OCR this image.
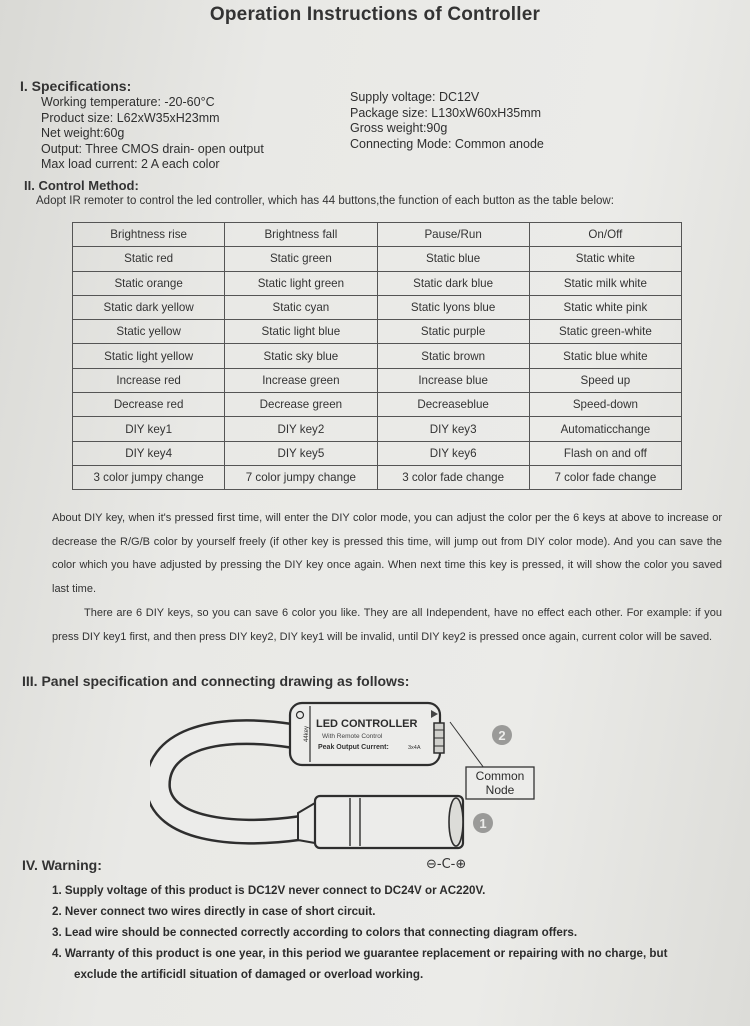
Operation Instructions of Controller
I. Specifications:
Working temperature: -20-60°C
Product size: L62xW35xH23mm
Net weight:60g
Output: Three CMOS drain- open output
Max load current: 2 A each color
Supply voltage: DC12V
Package size: L130xW60xH35mm
Gross weight:90g
Connecting Mode: Common anode
II. Control Method:
Adopt IR remoter to control the led controller, which has 44 buttons,the function of each button as the table below:
Brightness rise	Brightness fall	Pause/Run	On/Off
Static red	Static green	Static blue	Static white
Static orange	Static light green	Static dark blue	Static milk white
Static dark yellow	Static cyan	Static lyons blue	Static white pink
Static yellow	Static light blue	Static purple	Static green-white
Static light yellow	Static sky blue	Static brown	Static blue white
Increase red	Increase green	Increase blue	Speed up
Decrease red	Decrease green	Decreaseblue	Speed-down
DIY key1	DIY key2	DIY key3	Automaticchange
DIY key4	DIY key5	DIY key6	Flash on and off
3 color jumpy change	7 color jumpy change	3 color fade change	7 color fade change

About DIY key, when it's pressed first time, will enter the DIY color mode, you can adjust the color per the 6 keys at above to increase or decrease the R/G/B color by yourself freely (if other key is pressed this time, will jump out from DIY color mode). And you can save the color which you have adjusted by pressing the DIY key once again. When next time this key is pressed, it will show the color you saved last time.

There are 6 DIY keys, so you can save 6 color you like. They are all Independent, have no effect each other. For example: if you press DIY key1 first, and then press DIY key2, DIY key1 will be invalid, until DIY key2 is pressed once again, current color will be saved.

III. Panel specification and connecting drawing as follows:
44key
LED CONTROLLER
With Remote Control
Peak Output Current:	3x4A
Common
Node
2
1
⊖-C-⊕
IV. Warning:
1. Supply voltage of this product is DC12V never connect to DC24V or AC220V.
2. Never connect two wires directly in case of short circuit.
3. Lead wire should be connected correctly according to colors that connecting diagram offers.
4. Warranty of this product is one year, in this period we guarantee replacement or repairing with no charge, but
exclude the artificidl situation of damaged or overload working.
